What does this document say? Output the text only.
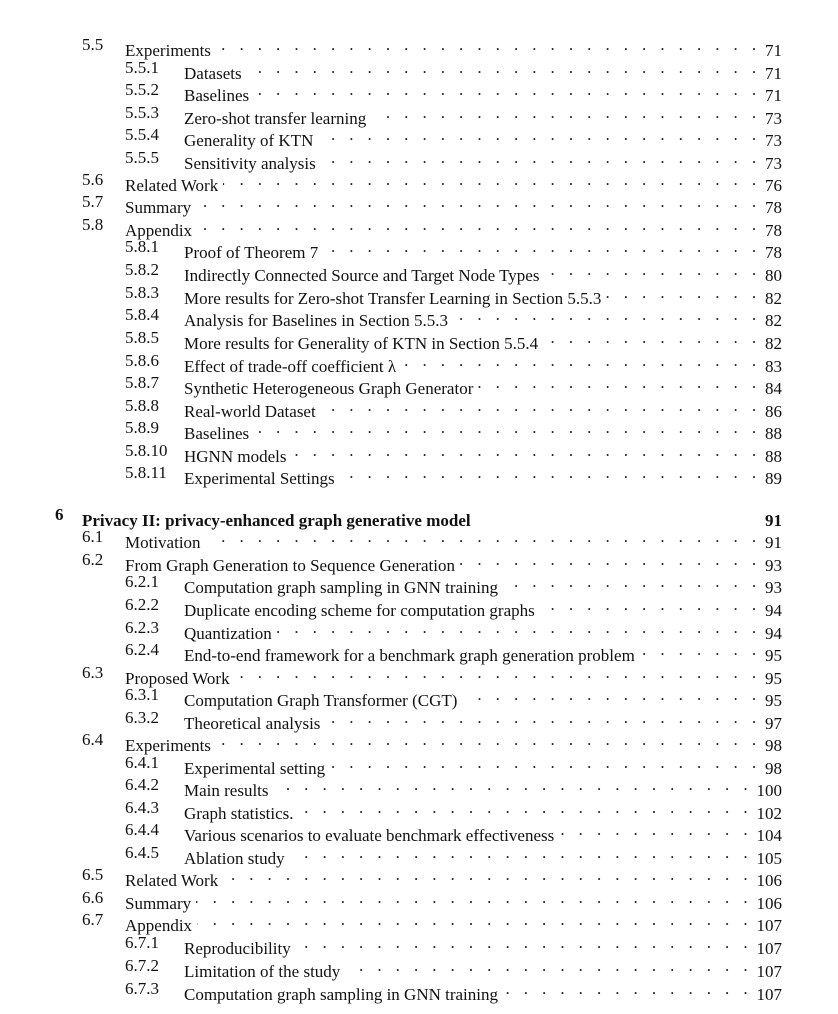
5.5 Experiments . . .	71
5.5.1 Datasets . . .	71
5.5.2 Baselines . . .	71
5.5.3 Zero-shot transfer learning . . .	73
5.5.4 Generality of KTN . . .	73
5.5.5 Sensitivity analysis . . .	73
5.6 Related Work . . .	76
5.7 Summary . . .	78
5.8 Appendix . . .	78
5.8.1 Proof of Theorem 7 . . .	78
5.8.2 Indirectly Connected Source and Target Node Types . . .	80
5.8.3 More results for Zero-shot Transfer Learning in Section 5.5.3 . . .	82
5.8.4 Analysis for Baselines in Section 5.5.3 . . .	82
5.8.5 More results for Generality of KTN in Section 5.5.4 . . .	82
5.8.6 Effect of trade-off coefficient λ . . .	83
5.8.7 Synthetic Heterogeneous Graph Generator . . .	84
5.8.8 Real-world Dataset . . .	86
5.8.9 Baselines . . .	88
5.8.10 HGNN models . . .	88
5.8.11 Experimental Settings . . .	89
6 Privacy II: privacy-enhanced graph generative model	91
6.1 Motivation . . .	91
6.2 From Graph Generation to Sequence Generation . . .	93
6.2.1 Computation graph sampling in GNN training . . .	93
6.2.2 Duplicate encoding scheme for computation graphs . . .	94
6.2.3 Quantization . . .	94
6.2.4 End-to-end framework for a benchmark graph generation problem . . .	95
6.3 Proposed Work . . .	95
6.3.1 Computation Graph Transformer (CGT) . . .	95
6.3.2 Theoretical analysis . . .	97
6.4 Experiments . . .	98
6.4.1 Experimental setting . . .	98
6.4.2 Main results . . .	100
6.4.3 Graph statistics. . . .	102
6.4.4 Various scenarios to evaluate benchmark effectiveness . . .	104
6.4.5 Ablation study . . .	105
6.5 Related Work . . .	106
6.6 Summary . . .	106
6.7 Appendix . . .	107
6.7.1 Reproducibility . . .	107
6.7.2 Limitation of the study . . .	107
6.7.3 Computation graph sampling in GNN training . . .	107
